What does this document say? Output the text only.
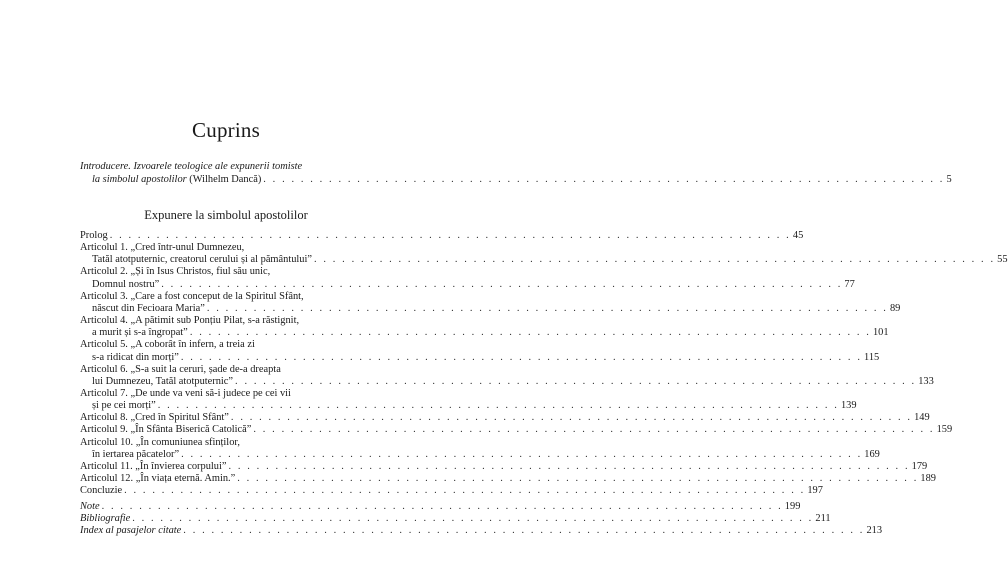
Cuprins
Introducere. Izvoarele teologice ale expunerii tomiste
la simbolul apostolilor (Wilhelm Dancă) . . . . . . . . . . . . . . . . . . . . . . . . . . . . . . . . . . . . . . . . . . . . . . . . . . . . . . . . . . . . . . . . . . . . . . . . . 5
Expunere la simbolul apostolilor
Prolog . . . . . . . . . . . . . . . . . . . . . . . . . . . . . . . . . . . . . . . . . . . . . . . . . . . . . . . . . . . . . . . . . . . . . . . . . 45
Articolul 1. „Cred într-unul Dumnezeu,
Tatăl atotputernic, creatorul cerului și al pământului” . . . . . . . . . . . . . . . . . . . . . . . . . . . . . . . . . . . . . . . . . . . . . . . . . . . . . . . . . . . . . . . . . . . . . . . . . 55
Articolul 2. „Și în Isus Christos, fiul său unic,
Domnul nostru” . . . . . . . . . . . . . . . . . . . . . . . . . . . . . . . . . . . . . . . . . . . . . . . . . . . . . . . . . . . . . . . . . . . . . . . . . 77
Articolul 3. „Care a fost conceput de la Spiritul Sfânt,
născut din Fecioara Maria” . . . . . . . . . . . . . . . . . . . . . . . . . . . . . . . . . . . . . . . . . . . . . . . . . . . . . . . . . . . . . . . . . . . . . . . . . 89
Articolul 4. „A pătimit sub Ponțiu Pilat, s-a răstignit,
a murit și s-a îngropat” . . . . . . . . . . . . . . . . . . . . . . . . . . . . . . . . . . . . . . . . . . . . . . . . . . . . . . . . . . . . . . . . . . . . . . . . . 101
Articolul 5. „A coborât în infern, a treia zi
s-a ridicat din morți” . . . . . . . . . . . . . . . . . . . . . . . . . . . . . . . . . . . . . . . . . . . . . . . . . . . . . . . . . . . . . . . . . . . . . . . . . 115
Articolul 6. „S-a suit la ceruri, șade de-a dreapta
lui Dumnezeu, Tatăl atotputernic” . . . . . . . . . . . . . . . . . . . . . . . . . . . . . . . . . . . . . . . . . . . . . . . . . . . . . . . . . . . . . . . . . . . . . . . . . 133
Articolul 7. „De unde va veni să-i judece pe cei vii
și pe cei morți” . . . . . . . . . . . . . . . . . . . . . . . . . . . . . . . . . . . . . . . . . . . . . . . . . . . . . . . . . . . . . . . . . . . . . . . . . 139
Articolul 8. „Cred în Spiritul Sfânt” . . . . . . . . . . . . . . . . . . . . . . . . . . . . . . . . . . . . . . . . . . . . . . . . . . . . . . . . . . . . . . . . . . . . . . . . . 149
Articolul 9. „În Sfânta Biserică Catolică” . . . . . . . . . . . . . . . . . . . . . . . . . . . . . . . . . . . . . . . . . . . . . . . . . . . . . . . . . . . . . . . . . . . . . . . . . 159
Articolul 10. „În comuniunea sfinților,
în iertarea păcatelor” . . . . . . . . . . . . . . . . . . . . . . . . . . . . . . . . . . . . . . . . . . . . . . . . . . . . . . . . . . . . . . . . . . . . . . . . . 169
Articolul 11. „În învierea corpului” . . . . . . . . . . . . . . . . . . . . . . . . . . . . . . . . . . . . . . . . . . . . . . . . . . . . . . . . . . . . . . . . . . . . . . . . . 179
Articolul 12. „În viața eternă. Amin.” . . . . . . . . . . . . . . . . . . . . . . . . . . . . . . . . . . . . . . . . . . . . . . . . . . . . . . . . . . . . . . . . . . . . . . . . . 189
Concluzie . . . . . . . . . . . . . . . . . . . . . . . . . . . . . . . . . . . . . . . . . . . . . . . . . . . . . . . . . . . . . . . . . . . . . . . . . 197
Note . . . . . . . . . . . . . . . . . . . . . . . . . . . . . . . . . . . . . . . . . . . . . . . . . . . . . . . . . . . . . . . . . . . . . . . . . 199
Bibliografie . . . . . . . . . . . . . . . . . . . . . . . . . . . . . . . . . . . . . . . . . . . . . . . . . . . . . . . . . . . . . . . . . . . . . . . . . 211
Index al pasajelor citate . . . . . . . . . . . . . . . . . . . . . . . . . . . . . . . . . . . . . . . . . . . . . . . . . . . . . . . . . . . . . . . . . . . . . . . . . 213
